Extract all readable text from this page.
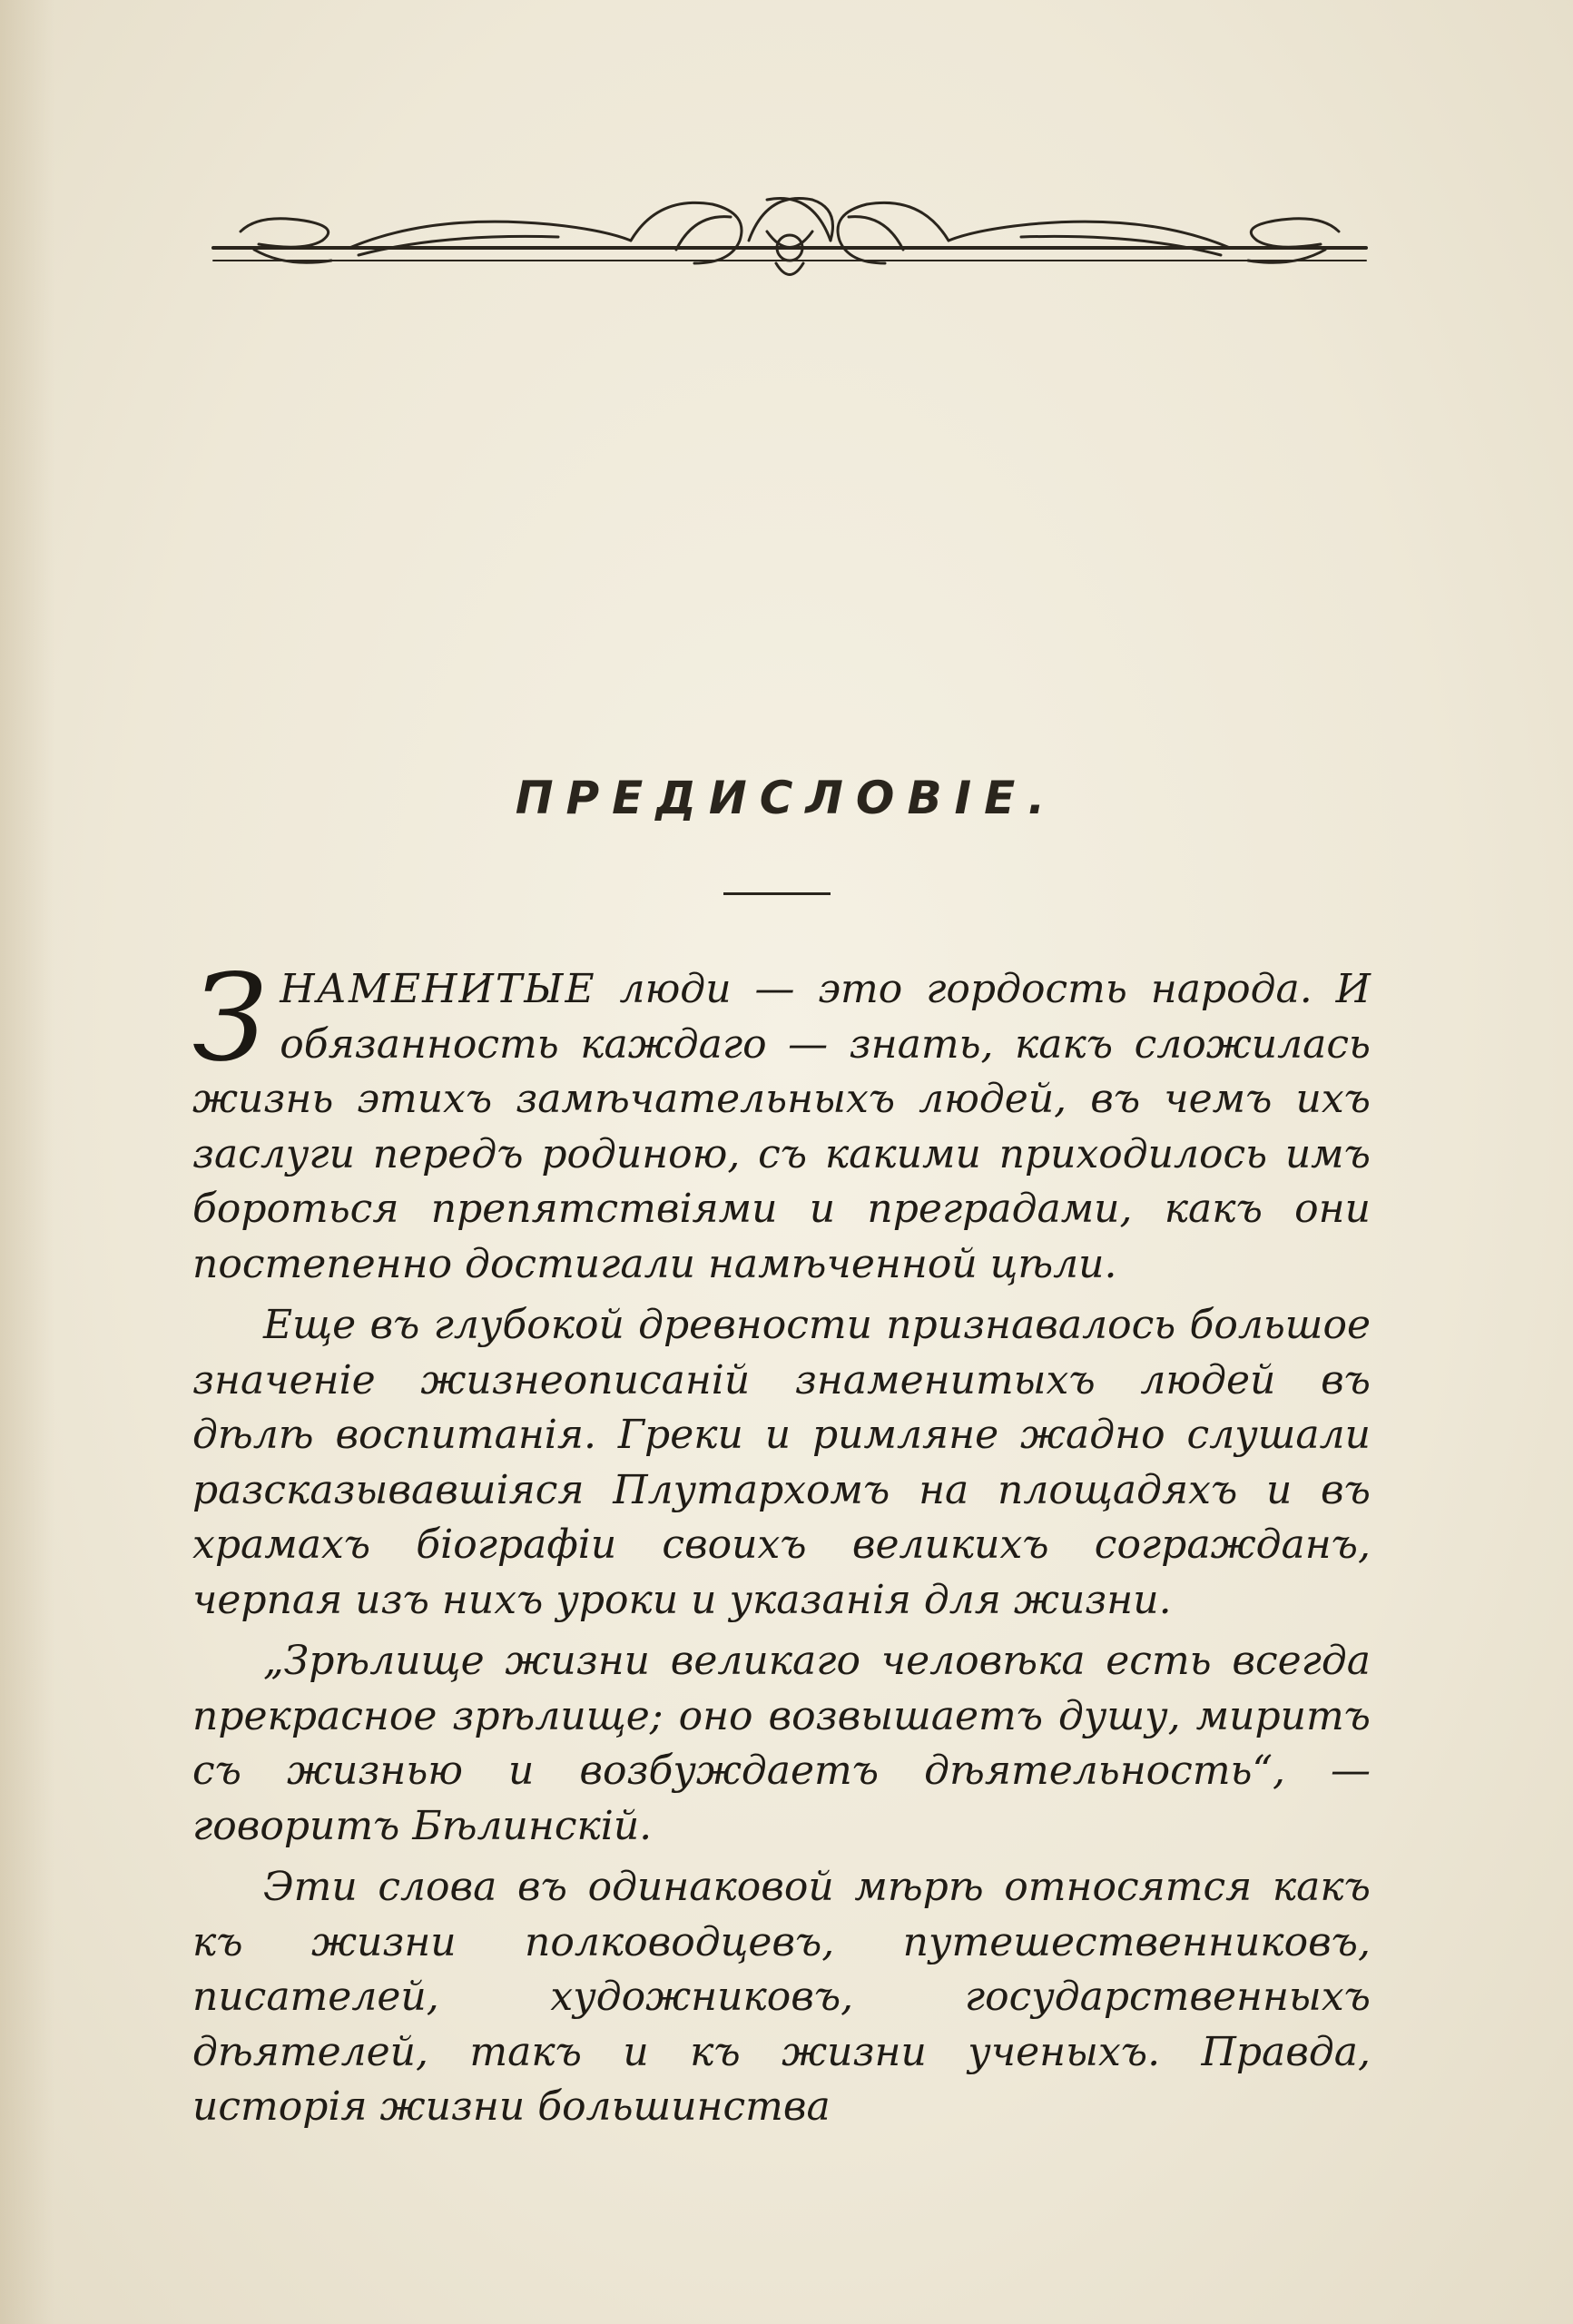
ПРЕДИСЛОВІЕ.

ЗНАМЕНИТЫЕ люди — это гордость народа. И обязанность каждаго — знать, какъ сложилась жизнь этихъ замѣчательныхъ людей, въ чемъ ихъ заслуги передъ родиною, съ какими приходилось имъ бороться препятствіями и преградами, какъ они постепенно достигали намѣченной цѣли.

Еще въ глубокой древности признавалось большое значеніе жизнеописаній знаменитыхъ людей въ дѣлѣ воспитанія. Греки и римляне жадно слушали разсказывавшіяся Плутархомъ на площадяхъ и въ храмахъ біографіи своихъ великихъ согражданъ, черпая изъ нихъ уроки и указанія для жизни.

„Зрѣлище жизни великаго человѣка есть всегда прекрасное зрѣлище; оно возвышаетъ душу, миритъ съ жизнью и возбуждаетъ дѣятельность“, — говоритъ Бѣлинскій.

Эти слова въ одинаковой мѣрѣ относятся какъ къ жизни полководцевъ, путешественниковъ, писателей, художниковъ, государственныхъ дѣятелей, такъ и къ жизни ученыхъ. Правда, исторія жизни большинства
